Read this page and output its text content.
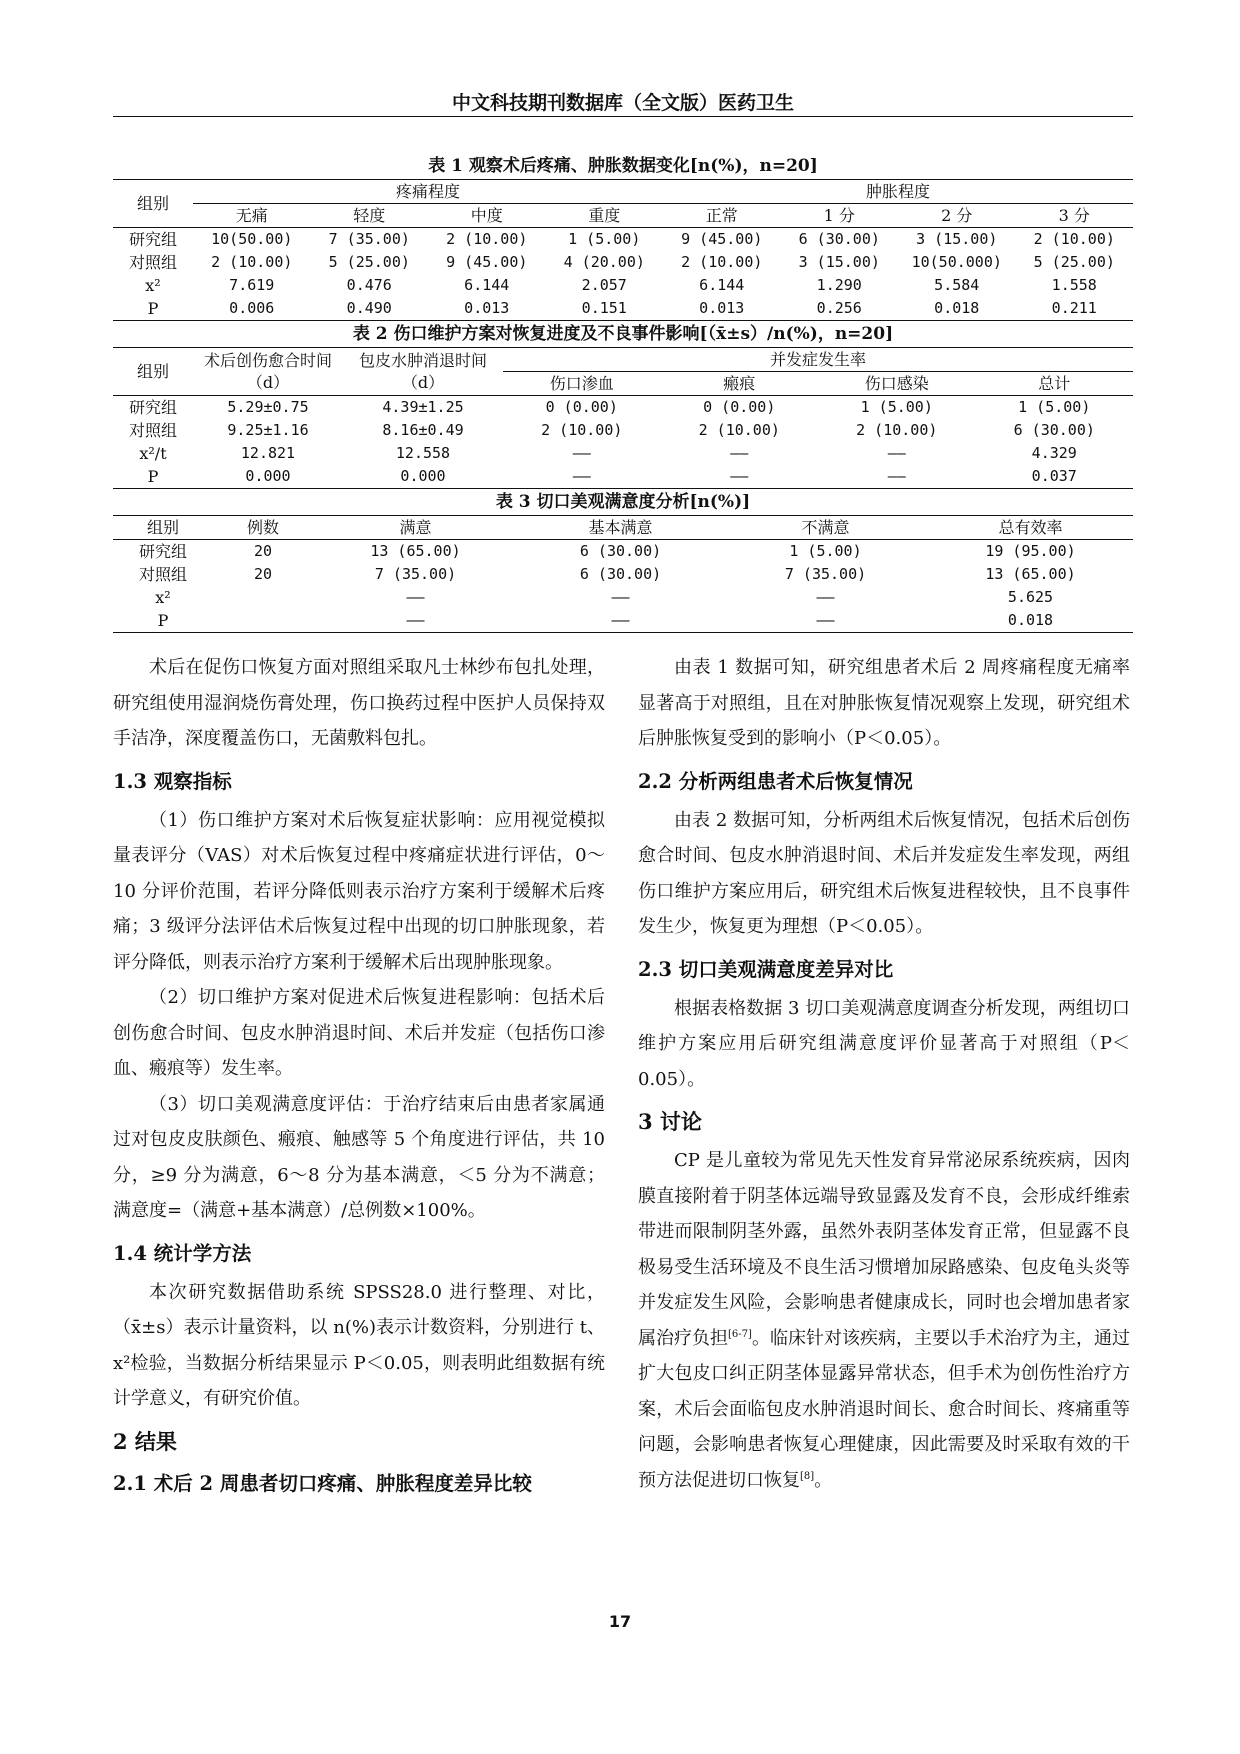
中文科技期刊数据库（全文版）医药卫生
表 1 观察术后疼痛、肿胀数据变化[n(%)，n=20]
组别	疼痛程度				肿胀程度			
	无痛	轻度	中度	重度	正常	1 分	2 分	3 分
研究组	10(50.00)	7 (35.00)	2 (10.00)	1 (5.00)	9 (45.00)	6 (30.00)	3 (15.00)	2 (10.00)
对照组	2 (10.00)	5 (25.00)	9 (45.00)	4 (20.00)	2 (10.00)	3 (15.00)	10(50.000)	5 (25.00)
x²	7.619	0.476	6.144	2.057	6.144	1.290	5.584	1.558
P	0.006	0.490	0.013	0.151	0.013	0.256	0.018	0.211
表 2 伤口维护方案对恢复进度及不良事件影响[（x̄±s）/n(%)，n=20]
组别	术后创伤愈合时间（d）	包皮水肿消退时间（d）	并发症发生率			
			伤口渗血	瘢痕	伤口感染	总计
研究组	5.29±0.75	4.39±1.25	0 (0.00)	0 (0.00)	1 (5.00)	1 (5.00)
对照组	9.25±1.16	8.16±0.49	2 (10.00)	2 (10.00)	2 (10.00)	6 (30.00)
x²/t	12.821	12.558	——	——	——	4.329
P	0.000	0.000	——	——	——	0.037
表 3 切口美观满意度分析[n(%)]
组别	例数	满意	基本满意	不满意	总有效率
研究组	20	13 (65.00)	6 (30.00)	1 (5.00)	19 (95.00)
对照组	20	7 (35.00)	6 (30.00)	7 (35.00)	13 (65.00)
x²		——	——	——	5.625
P		——	——	——	0.018

术后在促伤口恢复方面对照组采取凡士林纱布包扎处理，研究组使用湿润烧伤膏处理，伤口换药过程中医护人员保持双手洁净，深度覆盖伤口，无菌敷料包扎。

1.3 观察指标

（1）伤口维护方案对术后恢复症状影响：应用视觉模拟量表评分（VAS）对术后恢复过程中疼痛症状进行评估，0～10 分评价范围，若评分降低则表示治疗方案利于缓解术后疼痛；3 级评分法评估术后恢复过程中出现的切口肿胀现象，若评分降低，则表示治疗方案利于缓解术后出现肿胀现象。

（2）切口维护方案对促进术后恢复进程影响：包括术后创伤愈合时间、包皮水肿消退时间、术后并发症（包括伤口渗血、瘢痕等）发生率。

（3）切口美观满意度评估：于治疗结束后由患者家属通过对包皮皮肤颜色、瘢痕、触感等 5 个角度进行评估，共 10 分，≥9 分为满意，6～8 分为基本满意，＜5 分为不满意；满意度=（满意+基本满意）/总例数×100%。

1.4 统计学方法

本次研究数据借助系统 SPSS28.0 进行整理、对比，（x̄±s）表示计量资料，以 n(%)表示计数资料，分别进行 t、x²检验，当数据分析结果显示 P＜0.05，则表明此组数据有统计学意义，有研究价值。

2 结果
2.1 术后 2 周患者切口疼痛、肿胀程度差异比较

由表 1 数据可知，研究组患者术后 2 周疼痛程度无痛率显著高于对照组，且在对肿胀恢复情况观察上发现，研究组术后肿胀恢复受到的影响小（P＜0.05）。

2.2 分析两组患者术后恢复情况

由表 2 数据可知，分析两组术后恢复情况，包括术后创伤愈合时间、包皮水肿消退时间、术后并发症发生率发现，两组伤口维护方案应用后，研究组术后恢复进程较快，且不良事件发生少，恢复更为理想（P＜0.05）。

2.3 切口美观满意度差异对比

根据表格数据 3 切口美观满意度调查分析发现，两组切口维护方案应用后研究组满意度评价显著高于对照组（P＜0.05）。

3 讨论

CP 是儿童较为常见先天性发育异常泌尿系统疾病，因肉膜直接附着于阴茎体远端导致显露及发育不良，会形成纤维索带进而限制阴茎外露，虽然外表阴茎体发育正常，但显露不良极易受生活环境及不良生活习惯增加尿路感染、包皮龟头炎等并发症发生风险，会影响患者健康成长，同时也会增加患者家属治疗负担[6-7]。临床针对该疾病，主要以手术治疗为主，通过扩大包皮口纠正阴茎体显露异常状态，但手术为创伤性治疗方案，术后会面临包皮水肿消退时间长、愈合时间长、疼痛重等问题，会影响患者恢复心理健康，因此需要及时采取有效的干预方法促进切口恢复[8]。

17
